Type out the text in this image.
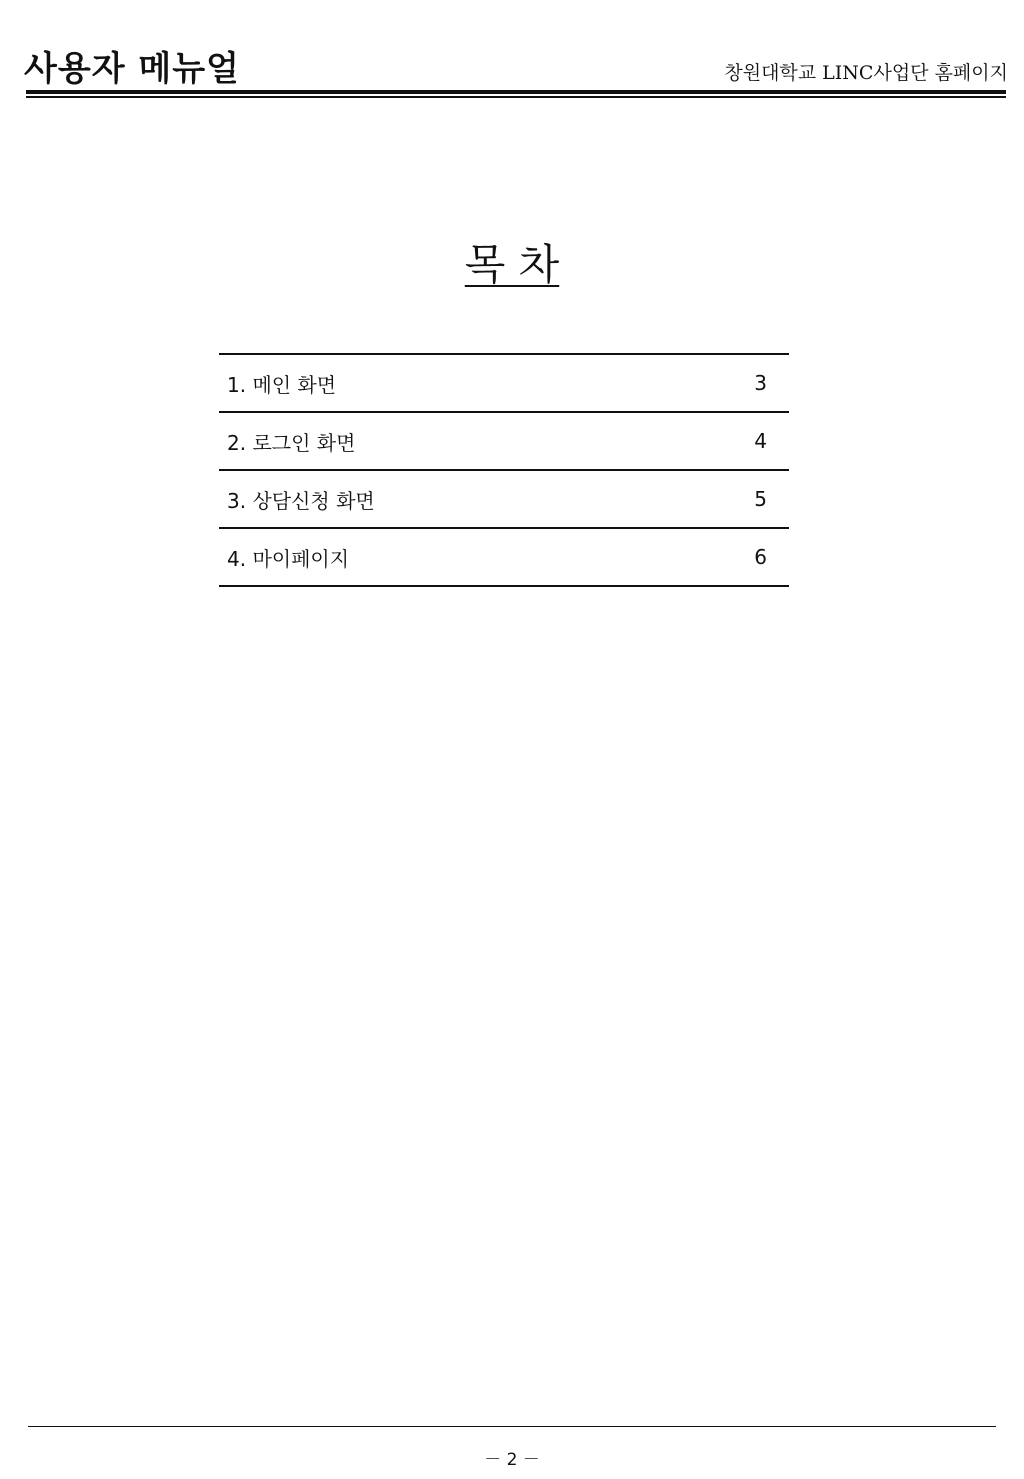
사용자 메뉴얼	창원대학교 LINC사업단 홈페이지
목 차
1. 메인 화면	3
2. 로그인 화면	4
3. 상담신청 화면	5
4. 마이페이지	6
－ 2 －
